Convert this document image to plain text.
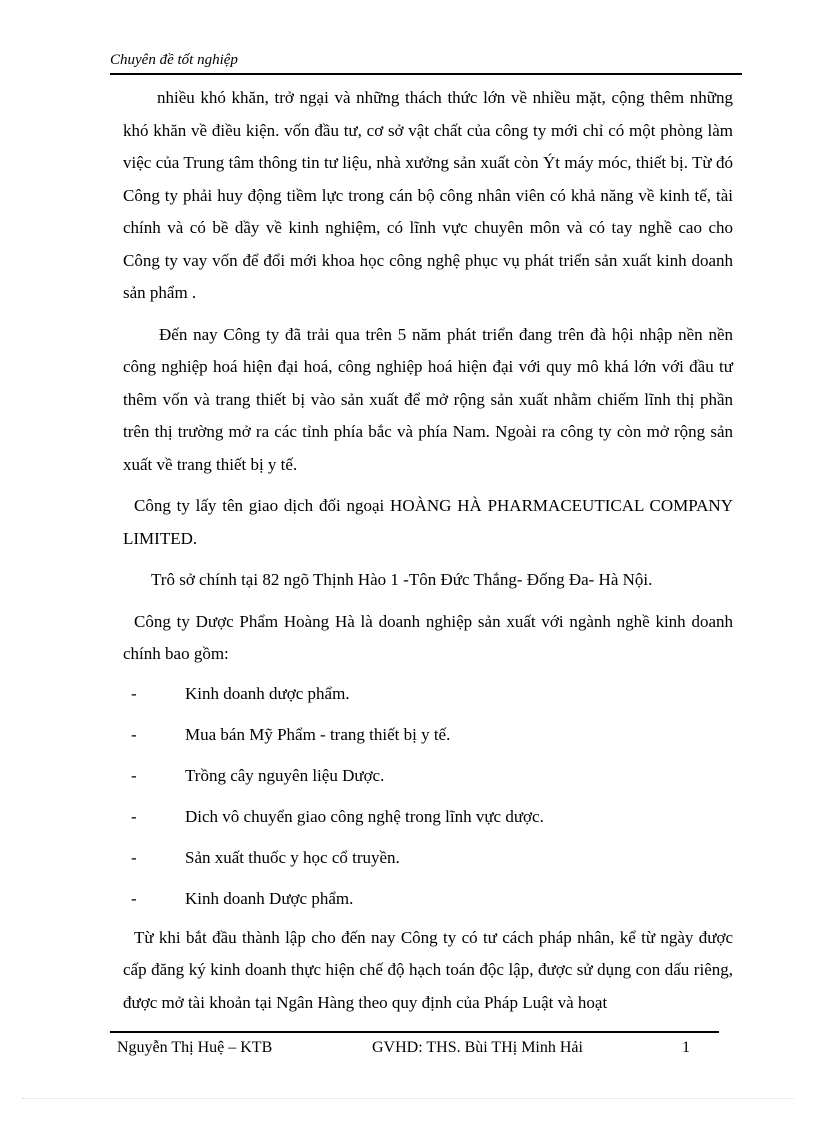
Chuyên đề tốt nghiệp

nhiều khó khăn, trở ngại và những thách thức lớn về nhiều mặt, cộng thêm những khó khăn về điều kiện. vốn đầu tư, cơ sở vật chất của công ty mới chỉ có một phòng làm việc của Trung tâm thông tin tư liệu, nhà xưởng sản xuất còn Ýt máy móc, thiết bị. Từ đó Công ty phải huy động tiềm lực trong cán bộ công nhân viên có khả năng về kinh tế, tài chính và có bề dầy về kinh nghiệm, có lĩnh vực chuyên môn và có tay nghề cao cho Công ty vay vốn để đổi mới khoa học công nghệ phục vụ phát triển sản xuất kinh doanh sản phẩm .

Đến nay Công ty đã trải qua trên 5 năm phát triển đang trên đà hội nhập nền nền công nghiệp hoá hiện đại hoá, công nghiệp hoá hiện đại với quy mô khá lớn với đầu tư thêm vốn và trang thiết bị vào sản xuất để mở rộng sản xuất nhằm chiếm lĩnh thị phần trên thị trường mở ra các tỉnh phía bắc và phía Nam. Ngoài ra công ty còn mở rộng sản xuất về trang thiết bị y tế.

Công ty lấy tên giao dịch đối ngoại HOÀNG HÀ PHARMACEUTICAL COMPANY LIMITED.

Trô sở chính tại 82 ngõ Thịnh Hào 1 -Tôn Đức Thắng- Đống Đa- Hà Nội.

Công ty Dược Phẩm Hoàng Hà là doanh nghiệp sản xuất với ngành nghề kinh doanh chính bao gồm:

-	Kinh doanh dược phẩm.
-	Mua bán Mỹ Phẩm - trang thiết bị y tế.
-	Trồng cây nguyên liệu Dược.
-	Dich vô chuyển giao công nghệ trong lĩnh vực dược.
-	Sản xuất thuốc y học cổ truyền.
-	Kinh doanh Dược phẩm.

Từ khi bắt đầu thành lập cho đến nay Công ty có tư cách pháp nhân, kể từ ngày được cấp đăng ký kinh doanh thực hiện chế độ hạch toán độc lập, được sử dụng con dấu riêng, được mở tài khoản tại Ngân Hàng theo quy định của Pháp Luật và hoạt

Nguyễn Thị Huệ – KTB	GVHD: THS. Bùi THị Minh Hải	1
